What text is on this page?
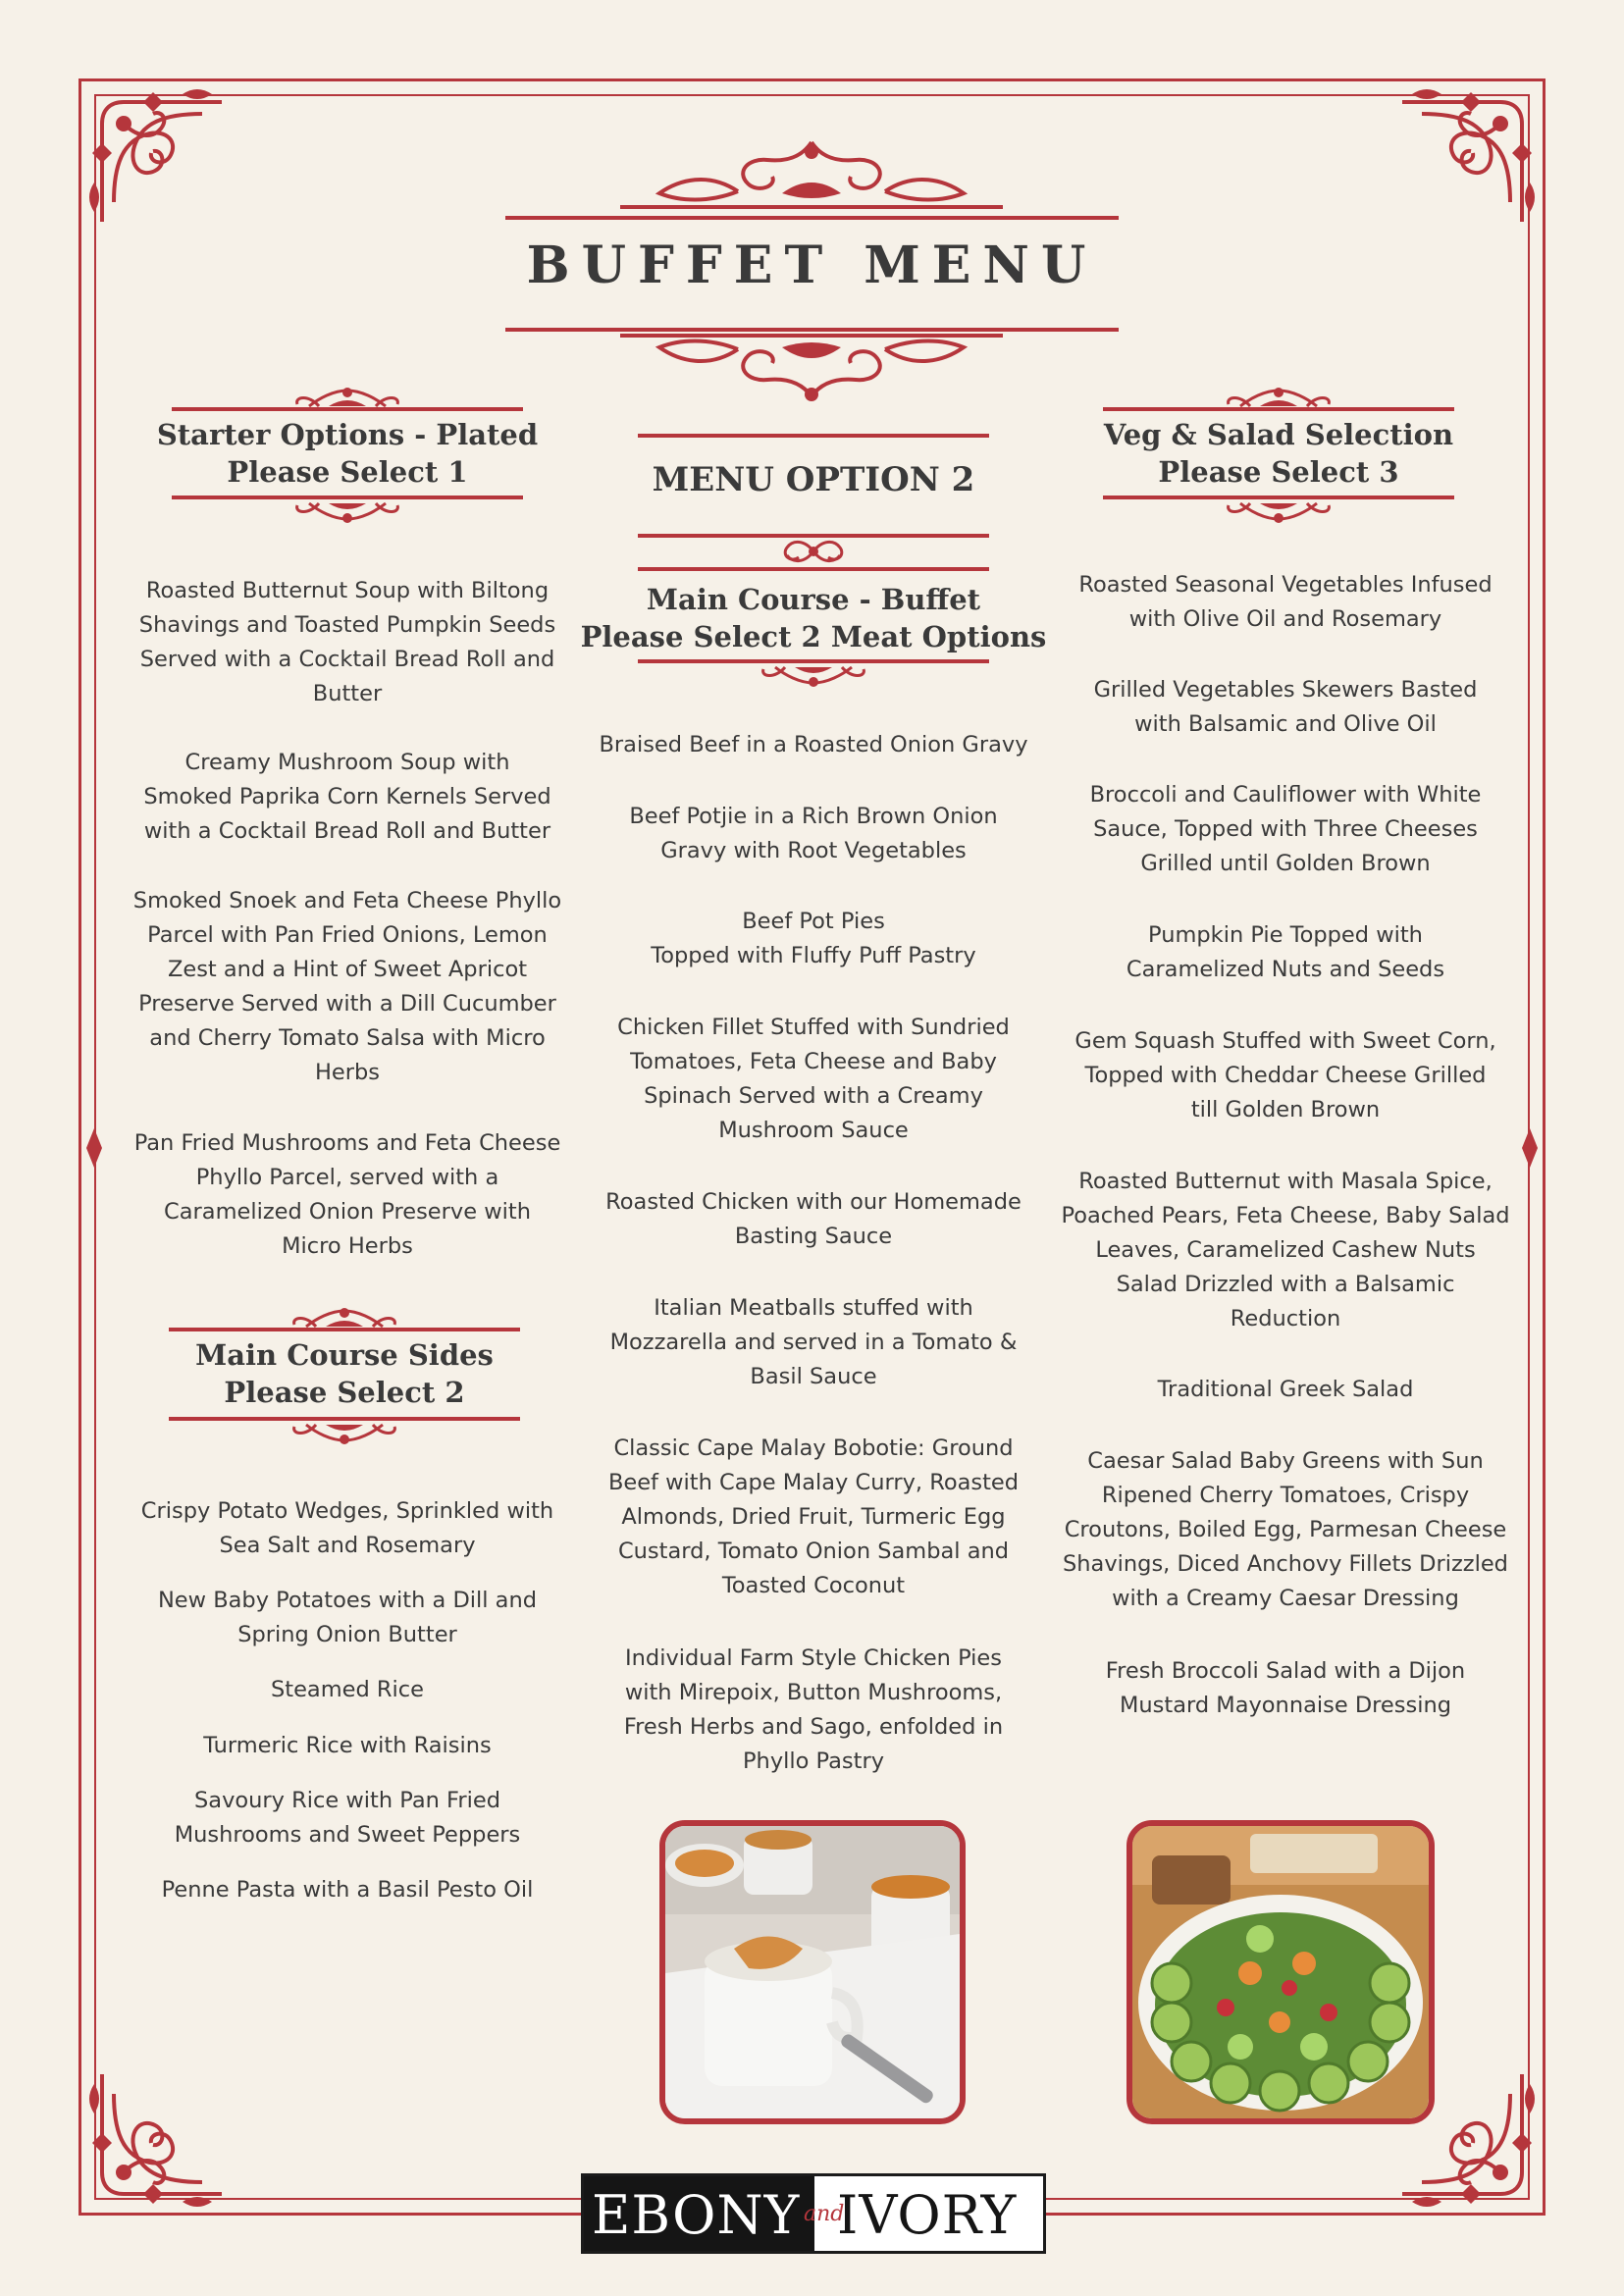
BUFFET MENU
Starter Options - Plated
Please Select 1
Roasted Butternut Soup with Biltong
Shavings and Toasted Pumpkin Seeds
Served with a Cocktail Bread Roll and
Butter
Creamy Mushroom Soup with
Smoked Paprika Corn Kernels Served
with a Cocktail Bread Roll and Butter
Smoked Snoek and Feta Cheese Phyllo
Parcel with Pan Fried Onions, Lemon
Zest and a Hint of Sweet Apricot
Preserve Served with a Dill Cucumber
and Cherry Tomato Salsa with Micro
Herbs
Pan Fried Mushrooms and Feta Cheese
Phyllo Parcel, served with a
Caramelized Onion Preserve with
Micro Herbs
Main Course Sides
Please Select 2
Crispy Potato Wedges, Sprinkled with
Sea Salt and Rosemary
New Baby Potatoes with a Dill and
Spring Onion Butter
Steamed Rice
Turmeric Rice with Raisins
Savoury Rice with Pan Fried
Mushrooms and Sweet Peppers
Penne Pasta with a Basil Pesto Oil
MENU OPTION 2
Main Course - Buffet
Please Select 2 Meat Options
Braised Beef in a Roasted Onion Gravy
Beef Potjie in a Rich Brown Onion
Gravy with Root Vegetables
Beef Pot Pies
Topped with Fluffy Puff Pastry
Chicken Fillet Stuffed with Sundried
Tomatoes, Feta Cheese and Baby
Spinach Served with a Creamy
Mushroom Sauce
Roasted Chicken with our Homemade
Basting Sauce
Italian Meatballs stuffed with
Mozzarella and served in a Tomato &
Basil Sauce
Classic Cape Malay Bobotie: Ground
Beef with Cape Malay Curry, Roasted
Almonds, Dried Fruit, Turmeric Egg
Custard, Tomato Onion Sambal and
Toasted Coconut
Individual Farm Style Chicken Pies
with Mirepoix, Button Mushrooms,
Fresh Herbs and Sago, enfolded in
Phyllo Pastry
Veg & Salad Selection
Please Select 3
Roasted Seasonal Vegetables Infused
with Olive Oil and Rosemary
Grilled Vegetables Skewers Basted
with Balsamic and Olive Oil
Broccoli and Cauliflower with White
Sauce, Topped with Three Cheeses
Grilled until Golden Brown
Pumpkin Pie Topped with
Caramelized Nuts and Seeds
Gem Squash Stuffed with Sweet Corn,
Topped with Cheddar Cheese Grilled
till Golden Brown
Roasted Butternut with Masala Spice,
Poached Pears, Feta Cheese, Baby Salad
Leaves, Caramelized Cashew Nuts
Salad Drizzled with a Balsamic
Reduction
Traditional Greek Salad
Caesar Salad Baby Greens with Sun
Ripened Cherry Tomatoes, Crispy
Croutons, Boiled Egg, Parmesan Cheese
Shavings, Diced Anchovy Fillets Drizzled
with a Creamy Caesar Dressing
Fresh Broccoli Salad with a Dijon
Mustard Mayonnaise Dressing
EBONY and
IVORY
